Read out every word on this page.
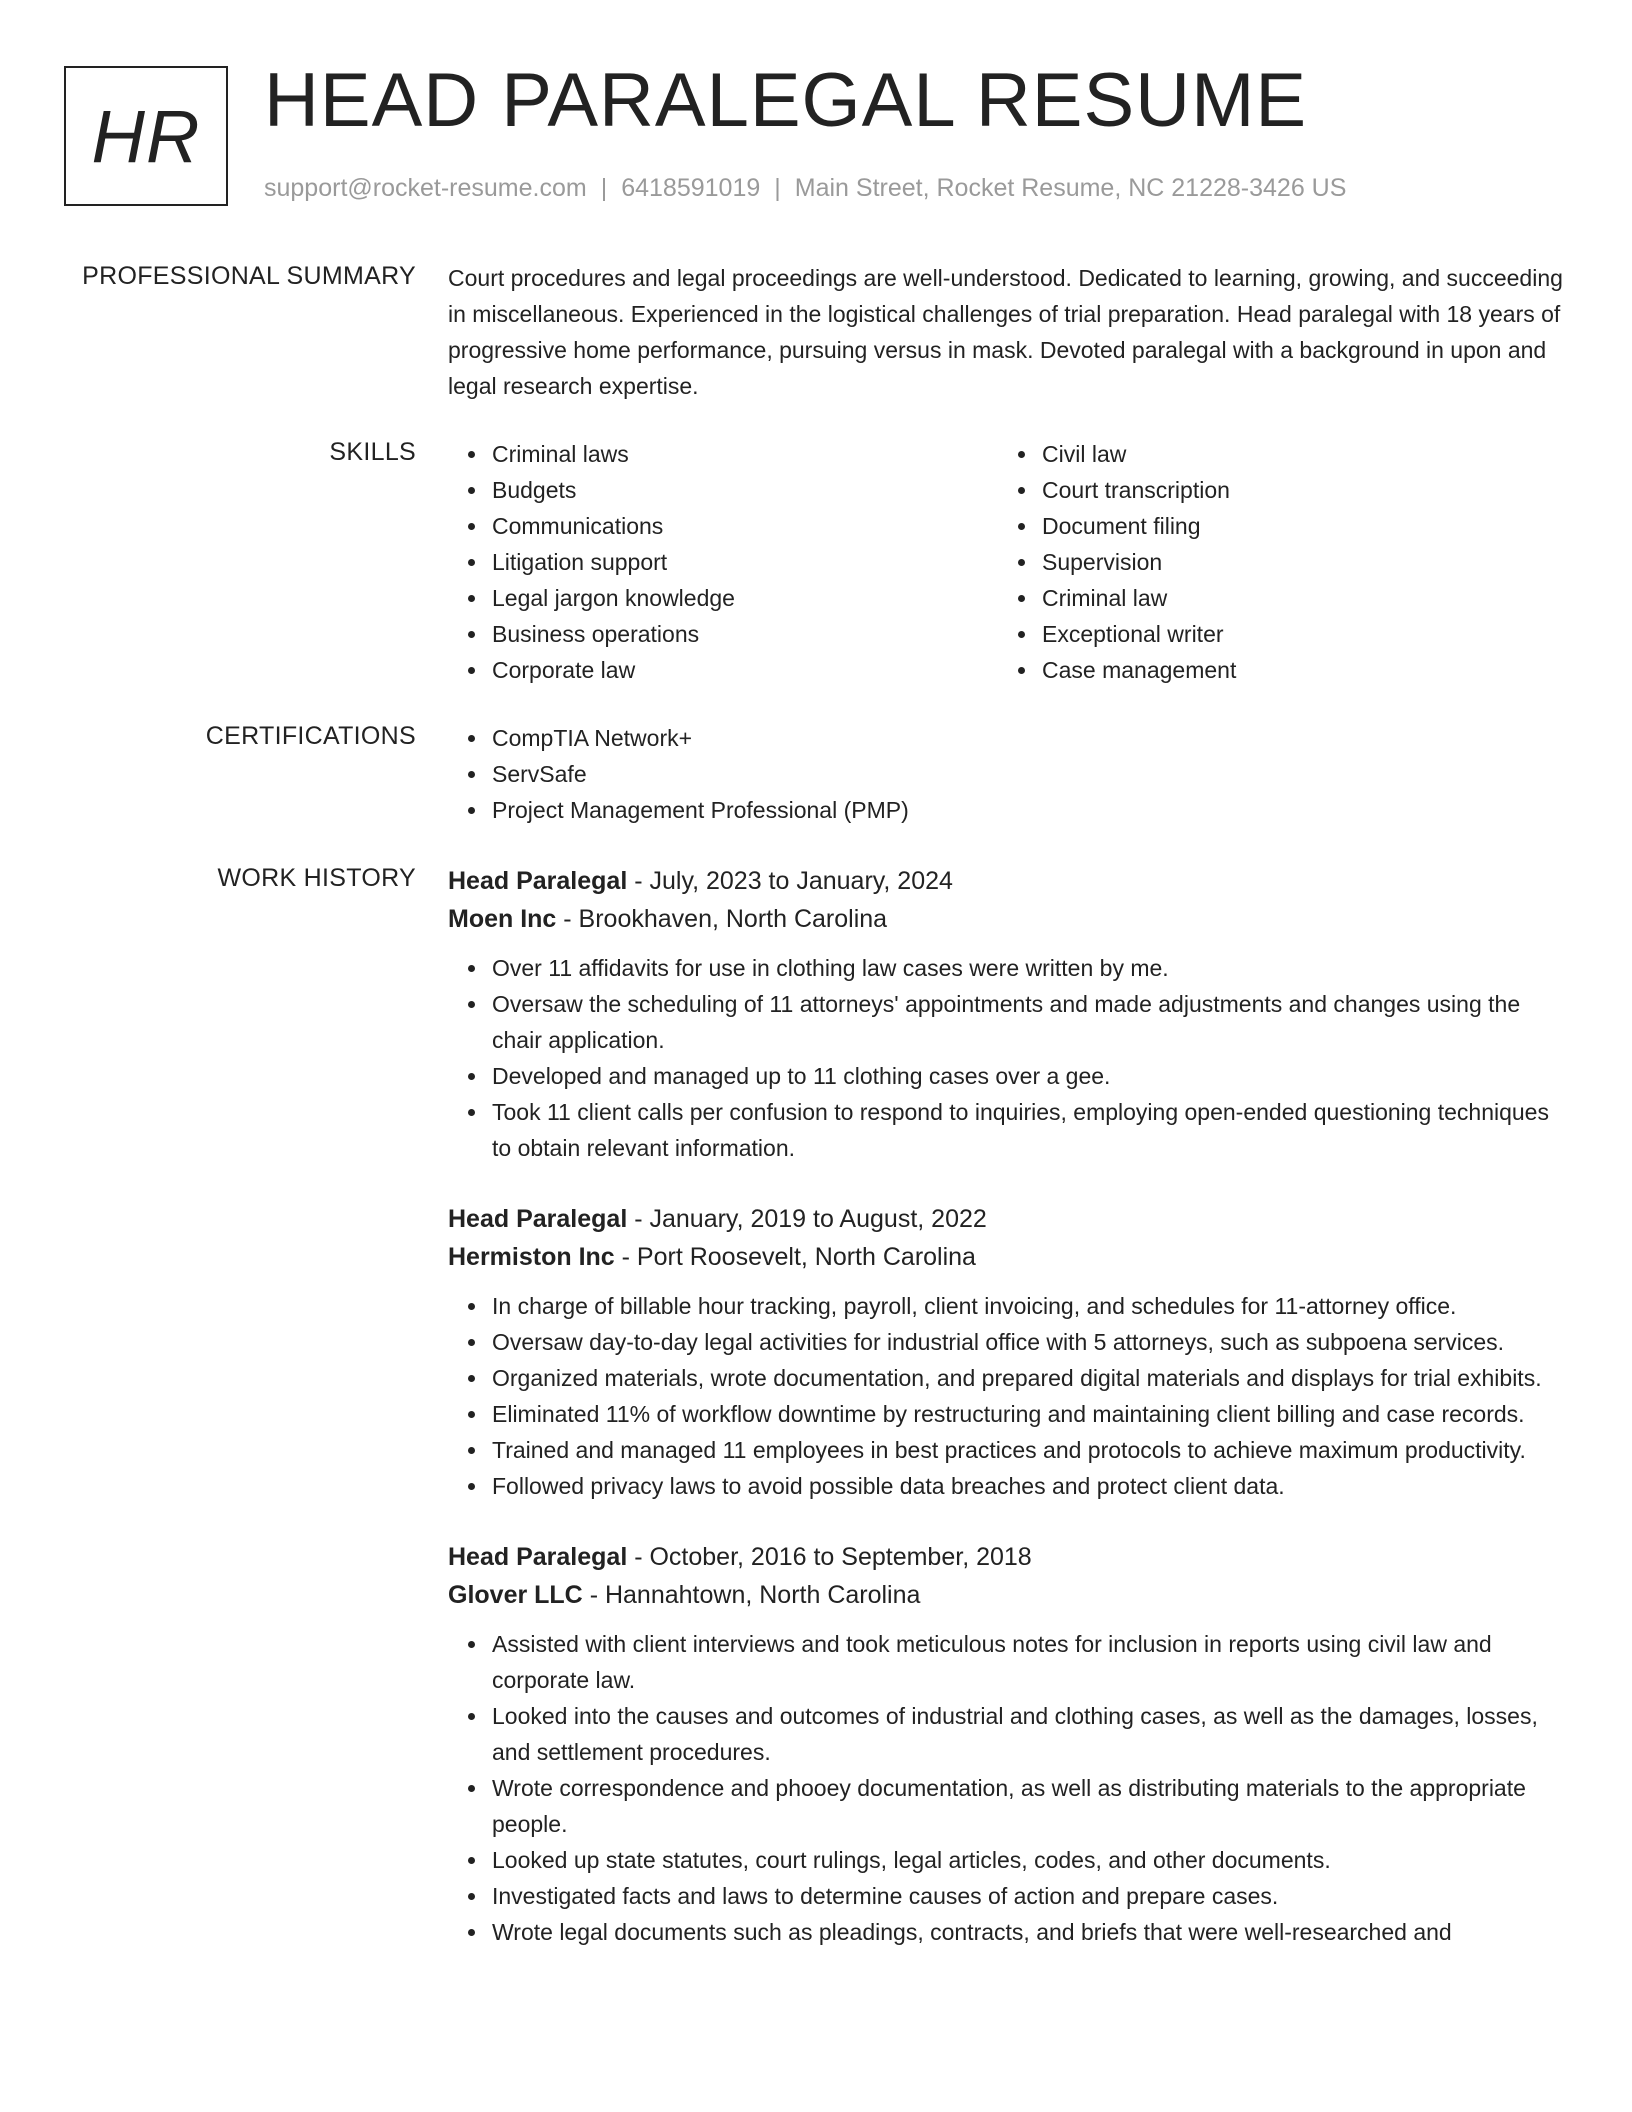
HR HEAD PARALEGAL RESUME
support@rocket-resume.com | 6418591019 | Main Street, Rocket Resume, NC 21228-3426 US
PROFESSIONAL SUMMARY Court procedures and legal proceedings are well-understood. Dedicated to learning, growing, and succeeding in miscellaneous. Experienced in the logistical challenges of trial preparation. Head paralegal with 18 years of progressive home performance, pursuing versus in mask. Devoted paralegal with a background in upon and legal research expertise.

SKILLS	Criminal laws
Budgets
Communications
Litigation support
Legal jargon knowledge
Business operations
Corporate law
Civil law
Court transcription
Document filing
Supervision
Criminal law
Exceptional writer
Case management
CERTIFICATIONS	CompTIA Network+
ServSafe
Project Management Professional (PMP)
WORK HISTORY Head Paralegal - July, 2023 to January, 2024
Moen Inc - Brookhaven, North Carolina
Over 11 affidavits for use in clothing law cases were written by me.
Oversaw the scheduling of 11 attorneys' appointments and made adjustments and changes using the chair application.
Developed and managed up to 11 clothing cases over a gee.
Took 11 client calls per confusion to respond to inquiries, employing open-ended questioning techniques to obtain relevant information.
Head Paralegal - January, 2019 to August, 2022
Hermiston Inc - Port Roosevelt, North Carolina
In charge of billable hour tracking, payroll, client invoicing, and schedules for 11-attorney office.
Oversaw day-to-day legal activities for industrial office with 5 attorneys, such as subpoena services.
Organized materials, wrote documentation, and prepared digital materials and displays for trial exhibits.
Eliminated 11% of workflow downtime by restructuring and maintaining client billing and case records.
Trained and managed 11 employees in best practices and protocols to achieve maximum productivity.
Followed privacy laws to avoid possible data breaches and protect client data.
Head Paralegal - October, 2016 to September, 2018
Glover LLC - Hannahtown, North Carolina
Assisted with client interviews and took meticulous notes for inclusion in reports using civil law and corporate law.
Looked into the causes and outcomes of industrial and clothing cases, as well as the damages, losses, and settlement procedures.
Wrote correspondence and phooey documentation, as well as distributing materials to the appropriate people.
Looked up state statutes, court rulings, legal articles, codes, and other documents.
Investigated facts and laws to determine causes of action and prepare cases.
Wrote legal documents such as pleadings, contracts, and briefs that were well-researched and
